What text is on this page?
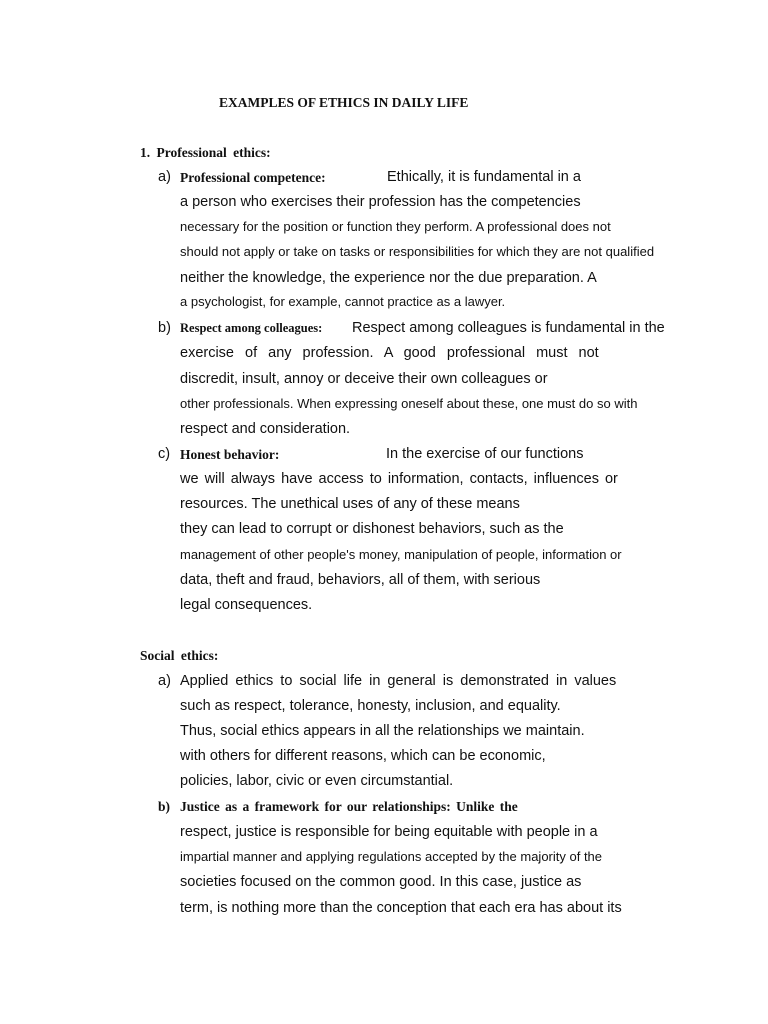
EXAMPLES OF ETHICS IN DAILY LIFE
1. Professional ethics:
a) Professional competence:	Ethically, it is fundamental in a
a person who exercises their profession has the competencies
necessary for the position or function they perform. A professional does not
should not apply or take on tasks or responsibilities for which they are not qualified
neither the knowledge, the experience nor the due preparation. A
a psychologist, for example, cannot practice as a lawyer.
b) Respect among colleagues: Respect among colleagues is fundamental in the
exercise of any profession. A good professional must not
discredit, insult, annoy or deceive their own colleagues or
other professionals. When expressing oneself about these, one must do so with
respect and consideration.
c) Honest behavior:	In the exercise of our functions
we will always have access to information, contacts, influences or
resources. The unethical uses of any of these means
they can lead to corrupt or dishonest behaviors, such as the
management of other people's money, manipulation of people, information or
data, theft and fraud, behaviors, all of them, with serious
legal consequences.
Social ethics:
a) Applied ethics to social life in general is demonstrated in values
such as respect, tolerance, honesty, inclusion, and equality.
Thus, social ethics appears in all the relationships we maintain.
with others for different reasons, which can be economic,
policies, labor, civic or even circumstantial.
b) Justice as a framework for our relationships: Unlike the
respect, justice is responsible for being equitable with people in a
impartial manner and applying regulations accepted by the majority of the
societies focused on the common good. In this case, justice as
term, is nothing more than the conception that each era has about its
